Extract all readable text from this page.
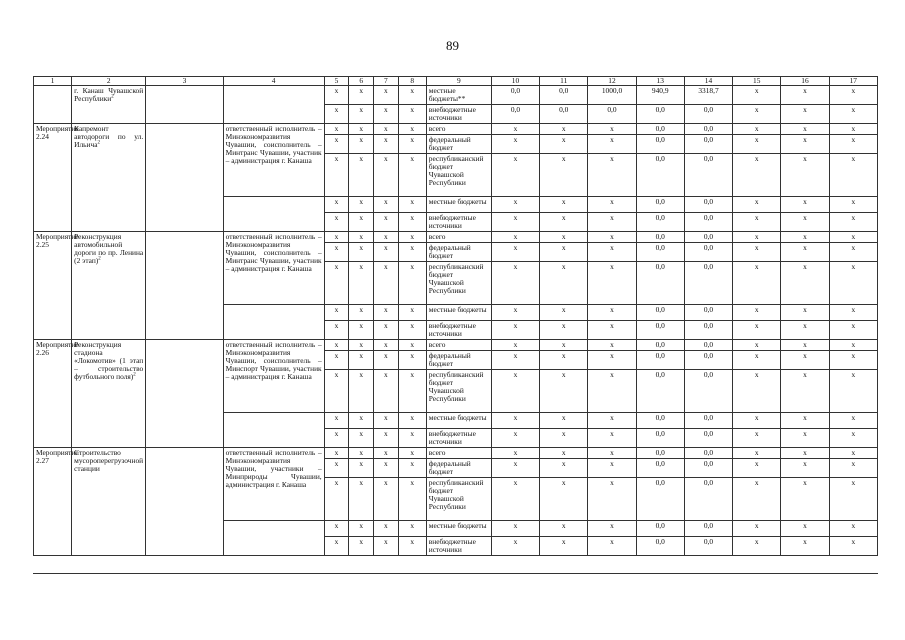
89
1	2	3	4	5	6	7	8	9	10	11	12	13	14	15	16	17
	г. Канаш Чувашской Республики$^2$			х	х	х	х	местные бюджеты**	0,0	0,0	1000,0	940,9	3318,7	х	х	х
				х	х	х	х	внебюджетные источники	0,0	0,0	0,0	0,0	0,0	х	х	х
Мероприятие 2.24	Капремонт автодороги по ул. Ильича$^2$		ответственный исполнитель – Минэкономразвития Чувашии, соисполнитель – Минтранс Чувашии, участник – администрация г. Канаша	х	х	х	х	всего	х	х	х	0,0	0,0	х	х	х
				х	х	х	х	федеральный бюджет	х	х	х	0,0	0,0	х	х	х
				х	х	х	х	республиканский бюджет Чувашской Республики	х	х	х	0,0	0,0	х	х	х
				х	х	х	х	местные бюджеты	х	х	х	0,0	0,0	х	х	х
				х	х	х	х	внебюджетные источники	х	х	х	0,0	0,0	х	х	х
Мероприятие 2.25	Реконструкция автомобильной дороги по пр. Ленина (2 этап)$^2$		ответственный исполнитель – Минэкономразвития Чувашии, соисполнитель – Минтранс Чувашии, участник – администрация г. Канаша	х	х	х	х	всего	х	х	х	0,0	0,0	х	х	х
				х	х	х	х	федеральный бюджет	х	х	х	0,0	0,0	х	х	х
				х	х	х	х	республиканский бюджет Чувашской Республики	х	х	х	0,0	0,0	х	х	х
				х	х	х	х	местные бюджеты	х	х	х	0,0	0,0	х	х	х
				х	х	х	х	внебюджетные источники	х	х	х	0,0	0,0	х	х	х
Мероприятие 2.26	Реконструкция стадиона «Локомотив» (1 этап – строительство футбольного поля)$^2$		ответственный исполнитель – Минэкономразвития Чувашии, соисполнитель – Минспорт Чувашии, участник – администрация г. Канаша	х	х	х	х	всего	х	х	х	0,0	0,0	х	х	х
				х	х	х	х	федеральный бюджет	х	х	х	0,0	0,0	х	х	х
				х	х	х	х	республиканский бюджет Чувашской Республики	х	х	х	0,0	0,0	х	х	х
				х	х	х	х	местные бюджеты	х	х	х	0,0	0,0	х	х	х
				х	х	х	х	внебюджетные источники	х	х	х	0,0	0,0	х	х	х
Мероприятие 2.27	Строительство мусороперегрузочной станции		ответственный исполнитель – Минэкономразвития Чувашии, участники – Минприроды Чувашии, администрация г. Канаша	х	х	х	х	всего	х	х	х	0,0	0,0	х	х	х
				х	х	х	х	федеральный бюджет	х	х	х	0,0	0,0	х	х	х
				х	х	х	х	республиканский бюджет Чувашской Республики	х	х	х	0,0	0,0	х	х	х
				х	х	х	х	местные бюджеты	х	х	х	0,0	0,0	х	х	х
				х	х	х	х	внебюджетные источники	х	х	х	0,0	0,0	х	х	х
